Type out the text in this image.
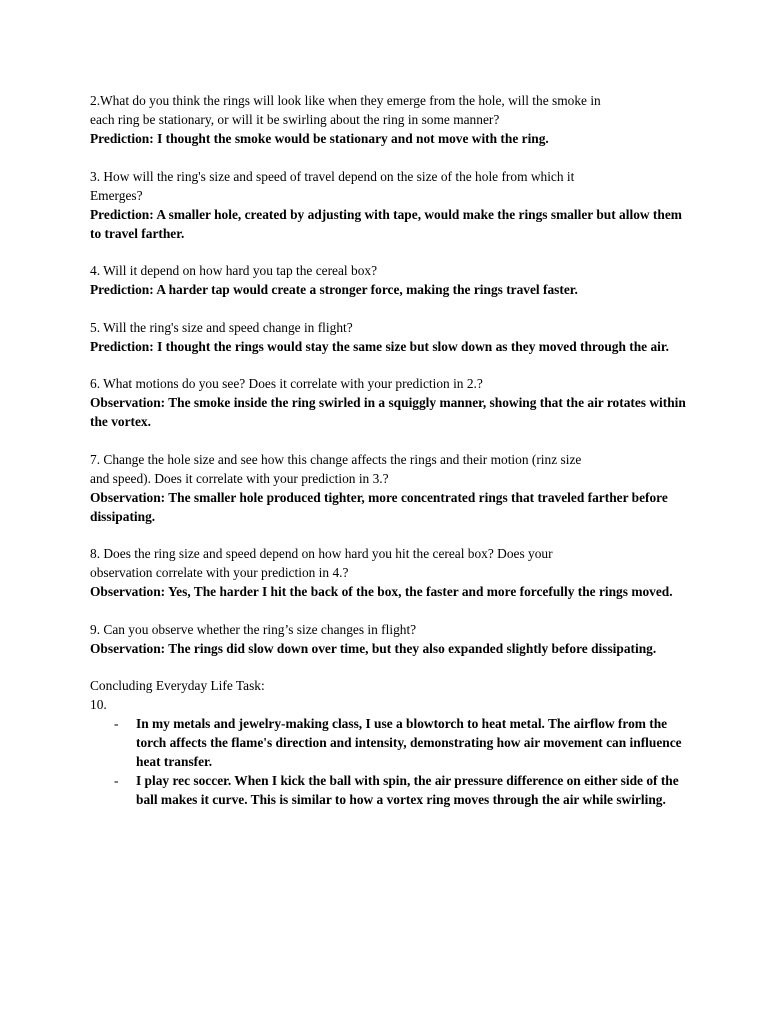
2.What do you think the rings will look like when they emerge from the hole, will the smoke in
each ring be stationary, or will it be swirling about the ring in some manner?
Prediction: I thought the smoke would be stationary and not move with the ring.
3. How will the ring's size and speed of travel depend on the size of the hole from which it
Emerges?
Prediction: A smaller hole, created by adjusting with tape, would make the rings smaller but allow them to travel farther.
4. Will it depend on how hard you tap the cereal box?
Prediction: A harder tap would create a stronger force, making the rings travel faster.
5. Will the ring's size and speed change in flight?
Prediction: I thought the rings would stay the same size but slow down as they moved through the air.
6. What motions do you see? Does it correlate with your prediction in 2.?
Observation: The smoke inside the ring swirled in a squiggly manner, showing that the air rotates within the vortex.
7. Change the hole size and see how this change affects the rings and their motion (rinz size
and speed). Does it correlate with your prediction in 3.?
Observation: The smaller hole produced tighter, more concentrated rings that traveled farther before dissipating.
8. Does the ring size and speed depend on how hard you hit the cereal box? Does your
observation correlate with your prediction in 4.?
Observation: Yes, The harder I hit the back of the box, the faster and more forcefully the rings moved.
9. Can you observe whether the ring’s size changes in flight?
Observation: The rings did slow down over time, but they also expanded slightly before dissipating.
Concluding Everyday Life Task:
10.
- In my metals and jewelry-making class, I use a blowtorch to heat metal. The airflow from the torch affects the flame's direction and intensity, demonstrating how air movement can influence heat transfer.
- I play rec soccer. When I kick the ball with spin, the air pressure difference on either side of the ball makes it curve. This is similar to how a vortex ring moves through the air while swirling.
